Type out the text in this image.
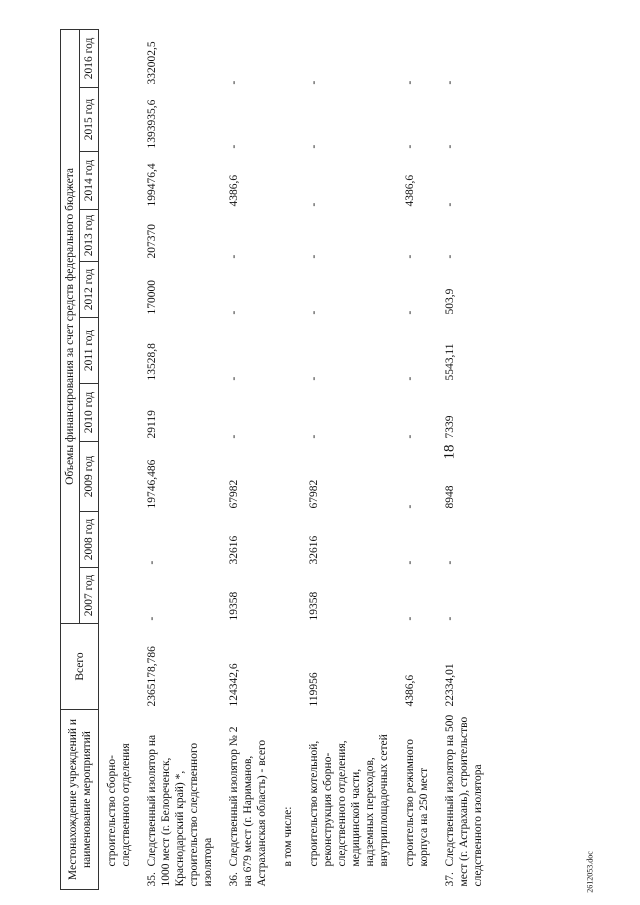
18
2612053.doc
Местонахождение учреждений и наименование мероприятий	Всего	Объемы финансирования за счет средств федерального бюджета									
		2007 год	2008 год	2009 год	2010 год	2011 год	2012 год	2013 год	2014 год	2015 год	2016 год

строительство сборно-следственного отделения											

35.Следственный изолятор на 1000 мест (г. Белореченск, Краснодарский край) *, строительство следственного изолятора	2365178,786	-	-	19746,486	29119	13528,8	170000	207370	199476,4	1393935,6	332002,5
36.Следственный изолятор № 2 на 679 мест (г. Нариманов, Астраханская область) - всего	124342,6	19358	32616	67982	-	-	-	-	4386,6	-	-

в том числе:											

строительство котельной, реконструкция сборно-следственного отделения, медицинской части, надземных переходов, внутриплощадочных сетей	119956	19358	32616	67982	-	-	-	-	-	-	-

строительство режимного корпуса на 250 мест	4386,6	-	-	-	-	-	-	-	4386,6	-	-
37.Следственный изолятор на 500 мест (г. Астрахань), строительство следственного изолятора	22334,01	-	-	8948	7339	5543,11	503,9	-	-	-	-
